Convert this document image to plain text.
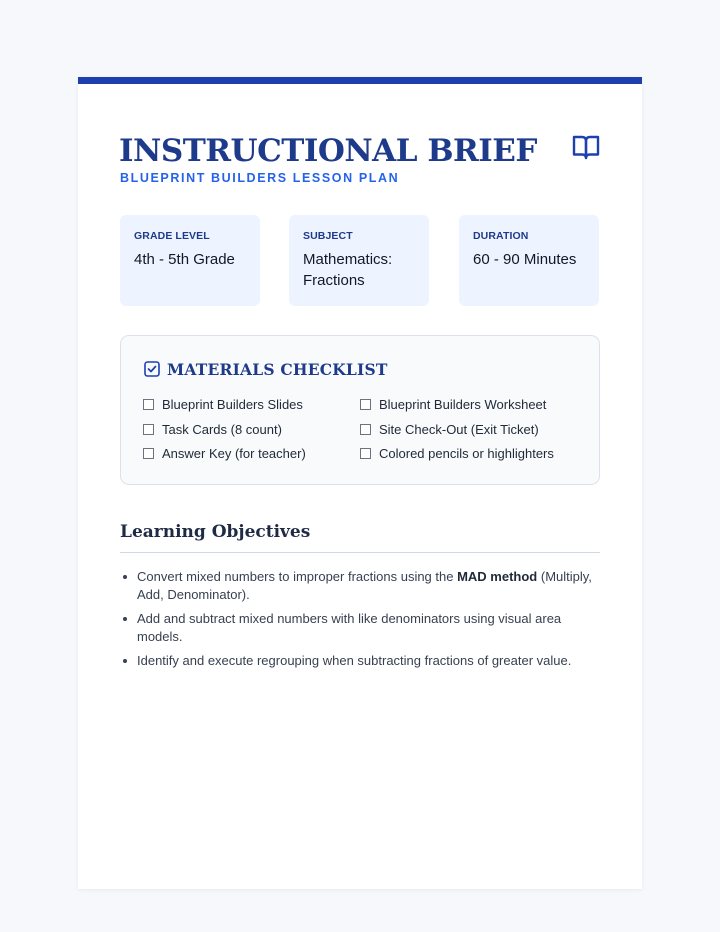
INSTRUCTIONAL BRIEF
BLUEPRINT BUILDERS LESSON PLAN
GRADE LEVEL
4th - 5th Grade
SUBJECT
Mathematics: Fractions
DURATION
60 - 90 Minutes
MATERIALS CHECKLIST
Blueprint Builders Slides	Blueprint Builders Worksheet
Task Cards (8 count)	Site Check-Out (Exit Ticket)
Answer Key (for teacher)	Colored pencils or highlighters
Learning Objectives
Convert mixed numbers to improper fractions using the MAD method (Multiply, Add, Denominator).
Add and subtract mixed numbers with like denominators using visual area models.
Identify and execute regrouping when subtracting fractions of greater value.
